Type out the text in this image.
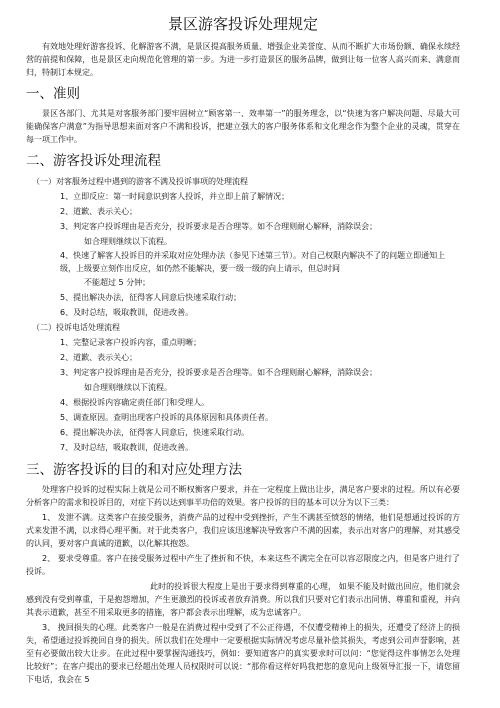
景区游客投诉处理规定

有效地处理好游客投诉、化解游客不满，是景区提高服务质量、增强企业美誉度、从而不断扩大市场份额、确保永续经营的前提和保障，也是景区走向规范化管理的第一步。为进一步打造景区的服务品牌，做到让每一位客人高兴而来、满意而归，特制订本规定。

一、准则

景区各部门、尤其是对客服务部门要牢固树立“顾客第一、效率第一”的服务理念，以“快速为客户解决问题、尽最大可能确保客户满意”为指导思想来面对客户不满和投诉，把建立强大的客户服务体系和文化理念作为整个企业的灵魂，贯穿在每一项工作中。

二、游客投诉处理流程
（一）对客服务过程中遇到的游客不满及投诉事项的处理流程
1、立即反应：第一时间意识到客人投诉，并立即上前了解情况；
2、道歉、表示关心；
3、判定客户投诉理由是否充分，投诉要求是否合理等。如不合理则耐心解释，消除误会；
如合理则继续以下流程。
4、快速了解客人投诉目的并采取对应处理办法（参见下述第三节）。对自己权限内解决不了的问题立即通知上级，上级要立刻作出反应，如仍然不能解决，要一级一级的向上请示，但总时间
不能超过 5 分钟；
5、提出解决办法，征得客人同意后快速采取行动；
6、及时总结，吸取教训，促进改善。
（二）投诉电话处理流程
1、完整记录客户投诉内容，重点明晰；
2、道歉、表示关心；
3、判定客户投诉理由是否充分，投诉要求是否合理等。如不合理则耐心解释，消除误会；
如合理则继续以下流程。
4、根据投诉内容确定责任部门和受理人。
5、调查原因。查明出现客户投诉的具体原因和具体责任者。
6、提出解决办法，征得客人同意后，快速采取行动。
7、及时总结，吸取教训，促进改善。
三、游客投诉的目的和对应处理方法

处理客户投诉的过程实际上就是公司不断权衡客户要求，并在一定程度上做出让步，满足客户要求的过程。所以有必要分析客户的需求和投诉目的，对症下药以达到事半功倍的效果。客户投诉的目的基本可以分为以下三类：

1、 发泄不满。这类客户在接受服务，消费产品的过程中受到挫折，产生不满甚至愤怒的情绪，他们是想通过投诉的方式来发泄不满，以求得心理平衡。对于此类客户，我们应该迅速解决导致客户不满的因素，表示出对客户的理解，对其感受的认同，要对客户真诚的道歉，以化解其抱怨。

2、 要求受尊重。客户在接受服务过程中产生了挫折和不快，本来这些不满完全在可以容忍限度之内，但是客户进行了投诉。

此时的投诉很大程度上是出于要求得到尊重的心理， 如果不能及时做出回应，他们就会感到没有受到尊重，于是抱怨增加，产生更激烈的投诉或者放弃消费。所以我们只要对它们表示出同情、尊重和重视，并向其表示道歉，甚至不用采取更多的措施，客户都会表示出理解，成为忠诚客户。

3、 挽回损失的心理。此类客户一般是在消费过程中受到了不公正待遇，不仅遭受精神上的损失，还遭受了经济上的损失，希望通过投诉挽回自身的损失。所以我们在处理中一定要根据实际情况考虑尽量补偿其损失，考虑到公司声誉影响，甚至有必要做出较大让步。在此过程中要掌握沟通技巧，例如：要知道客户的真实要求时可以问：“您觉得这件事情怎么处理比较好”；在客户提出的要求已经超出处理人员权限时可以说：“那你看这样好吗我把您的意见向上级领导汇报一下，请您留下电话，我会在 5
